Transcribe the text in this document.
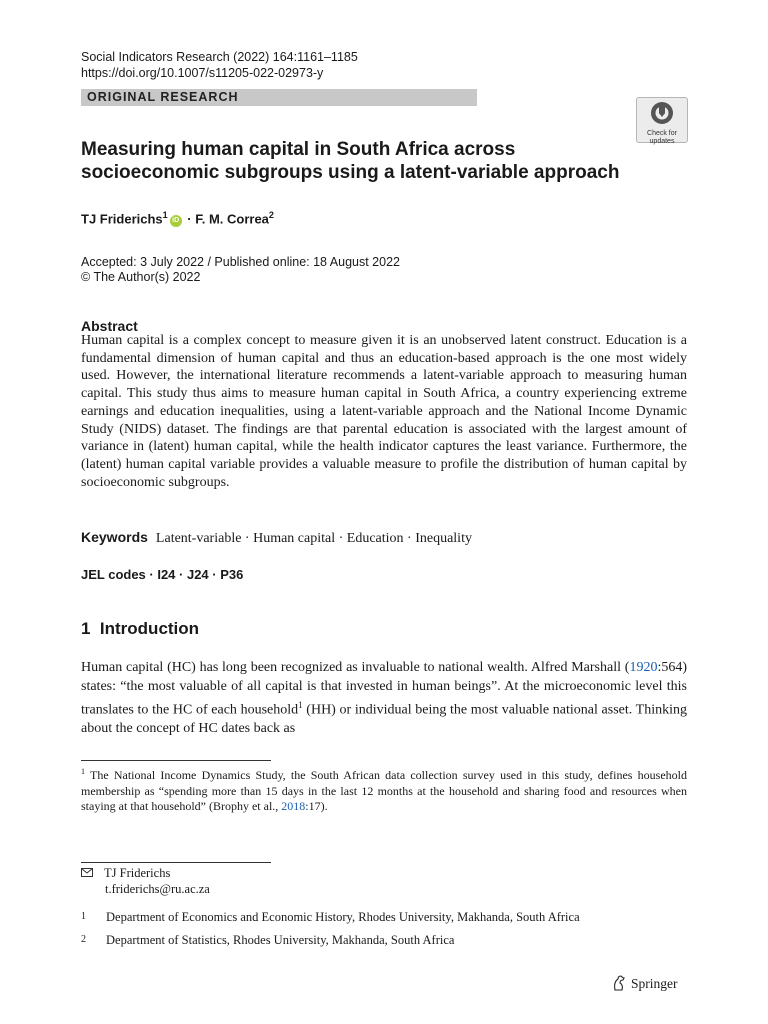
Social Indicators Research (2022) 164:1161–1185
https://doi.org/10.1007/s11205-022-02973-y
ORIGINAL RESEARCH
Check for
updates
Measuring human capital in South Africa across
socioeconomic subgroups using a latent-variable approach
TJ Friderichs$^1$iD · F. M. Correa$^2$
Accepted: 3 July 2022 / Published online: 18 August 2022
© The Author(s) 2022
Abstract
Human capital is a complex concept to measure given it is an unobserved latent construct. Education is a fundamental dimension of human capital and thus an education-based approach is the one most widely used. However, the international literature recommends a latent-variable approach to measuring human capital. This study thus aims to measure human capital in South Africa, a country experiencing extreme earnings and education inequalities, using a latent-variable approach and the National Income Dynamic Study (NIDS) dataset. The findings are that parental education is associated with the largest amount of variance in (latent) human capital, while the health indicator captures the least variance. Furthermore, the (latent) human capital variable provides a valuable measure to profile the distribution of human capital by socioeconomic subgroups.
Keywords Latent-variable · Human capital · Education · Inequality
JEL codes · I24 · J24 · P36
1  Introduction
Human capital (HC) has long been recognized as invaluable to national wealth. Alfred Marshall (1920:564) states: “the most valuable of all capital is that invested in human beings”. At the microeconomic level this translates to the HC of each household$^1$ (HH) or individual being the most valuable national asset. Thinking about the concept of HC dates back as
$^1$ The National Income Dynamics Study, the South African data collection survey used in this study, defines household membership as “spending more than 15 days in the last 12 months at the household and sharing food and resources when staying at that household” (Brophy et al., 2018:17).
TJ Friderichs
t.friderichs@ru.ac.za
1 Department of Economics and Economic History, Rhodes University, Makhanda, South Africa
2 Department of Statistics, Rhodes University, Makhanda, South Africa
Springer
